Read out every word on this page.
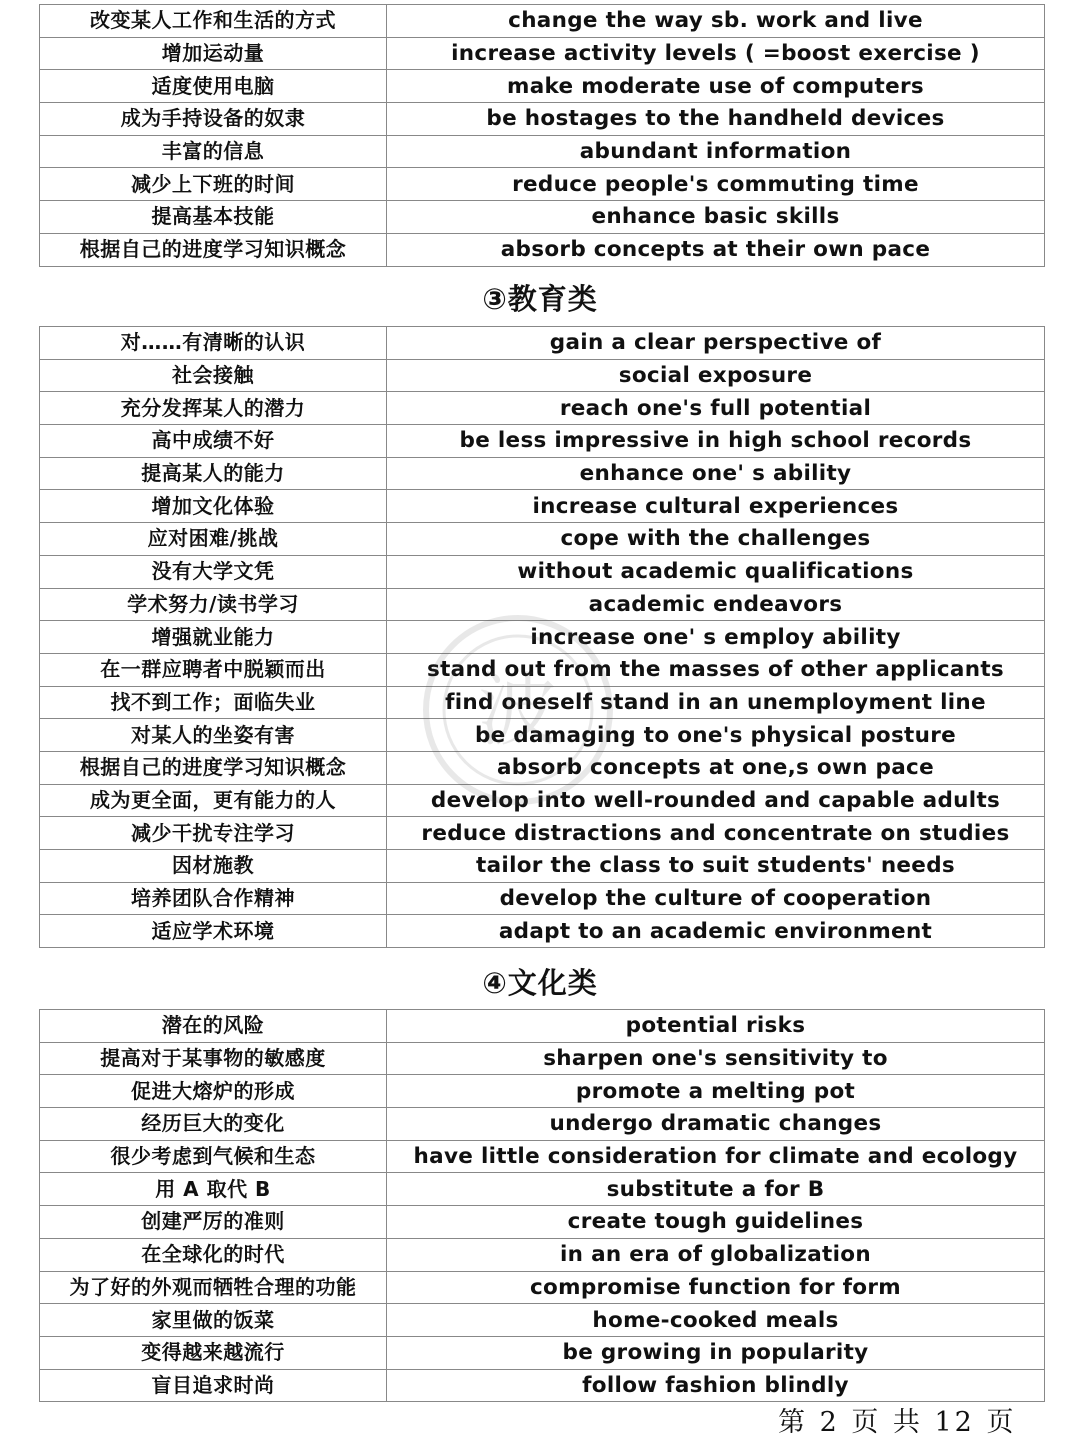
改变某人工作和生活的方式	change the way sb. work and live
增加运动量	increase activity levels ( =boost exercise )
适度使用电脑	make moderate use of computers
成为手持设备的奴隶	be hostages to the handheld devices
丰富的信息	abundant information
减少上下班的时间	reduce people's commuting time
提高基本技能	enhance basic skills
根据自己的进度学习知识概念	absorb concepts at their own pace
③教育类
对……有清晰的认识	gain a clear perspective of
社会接触	social exposure
充分发挥某人的潜力	reach one's full potential
高中成绩不好	be less impressive in high school records
提高某人的能力	enhance one' s ability
增加文化体验	increase cultural experiences
应对困难/挑战	cope with the challenges
没有大学文凭	without academic qualifications
学术努力/读书学习	academic endeavors
增强就业能力	increase one' s employ ability
在一群应聘者中脱颖而出	stand out from the masses of other applicants
找不到工作；面临失业	find oneself stand in an unemployment line
对某人的坐姿有害	be damaging to one's physical posture
根据自己的进度学习知识概念	absorb concepts at one,s own pace
成为更全面，更有能力的人	develop into well-rounded and capable adults
减少干扰专注学习	reduce distractions and concentrate on studies
因材施教	tailor the class to suit students' needs
培养团队合作精神	develop the culture of cooperation
适应学术环境	adapt to an academic environment
④文化类
潜在的风险	potential risks
提高对于某事物的敏感度	sharpen one's sensitivity to
促进大熔炉的形成	promote a melting pot
经历巨大的变化	undergo dramatic changes
很少考虑到气候和生态	have little consideration for climate and ecology
用 A 取代 B	substitute a for B
创建严厉的准则	create tough guidelines
在全球化的时代	in an era of globalization
为了好的外观而牺牲合理的功能	compromise function for form
家里做的饭菜	home-cooked meals
变得越来越流行	be growing in popularity
盲目追求时尚	follow fashion blindly
波
第 2 页 共 12 页
